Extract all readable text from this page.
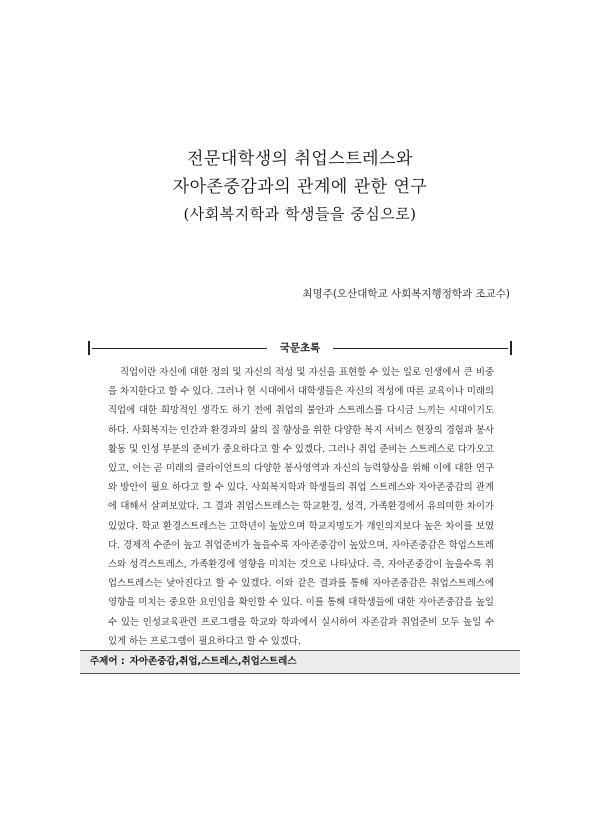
전문대학생의 취업스트레스와
자아존중감과의 관계에 관한 연구
(사회복지학과 학생들을 중심으로)
최명주(오산대학교 사회복지행정학과 조교수)
국문초록
직업이란 자신에 대한 정의 및 자신의 적성 및 자신을 표현할 수 있는 일로 인생에서 큰 비중을 차지한다고 할 수 있다. 그러나 현 시대에서 대학생들은 자신의 적성에 따른 교육이나 미래의 직업에 대한 희망적인 생각도 하기 전에 취업의 불안과 스트레스를 다시금 느끼는 시대이기도 하다. 사회복지는 인간과 환경과의 삶의 질 향상을 위한 다양한 복지 서비스 현장의 경험과 봉사활동 및 인성 부분의 준비가 중요하다고 할 수 있겠다. 그러나 취업 준비는 스트레스로 다가오고 있고, 이는 곧 미래의 클라이언트의 다양한 봉사영역과 자신의 능력향상을 위해 이에 대한 연구와 방안이 필요 하다고 할 수 있다. 사회복지학과 학생들의 취업 스트레스와 자아존중감의 관계에 대해서 살펴보았다. 그 결과 취업스트레스는 학교환경, 성격, 가족환경에서 유의미한 차이가 있었다. 학교 환경스트레스는 고학년이 높았으며 학교지명도가 개인의지보다 높은 차이를 보였다. 경제적 수준이 높고 취업준비가 높을수록 자아존중감이 높았으며, 자아존중감은 학업스트레스와 성격스트레스, 가족환경에 영향을 미치는 것으로 나타났다. 즉, 자아존중감이 높을수록 취업스트레스는 낮아진다고 할 수 있겠다. 이와 같은 결과를 통해 자아존중감은 취업스트레스에 영향을 미치는 중요한 요인임을 확인할 수 있다. 이를 통해 대학생들에 대한 자아존중감을 높일 수 있는 인성교육관련 프로그램을 학교와 학과에서 실시하여 자존감과 취업준비 모두 높일 수 있게 하는 프로그램이 필요하다고 할 수 있겠다.
주제어 : 자아존중감,취업,스트레스,취업스트레스
